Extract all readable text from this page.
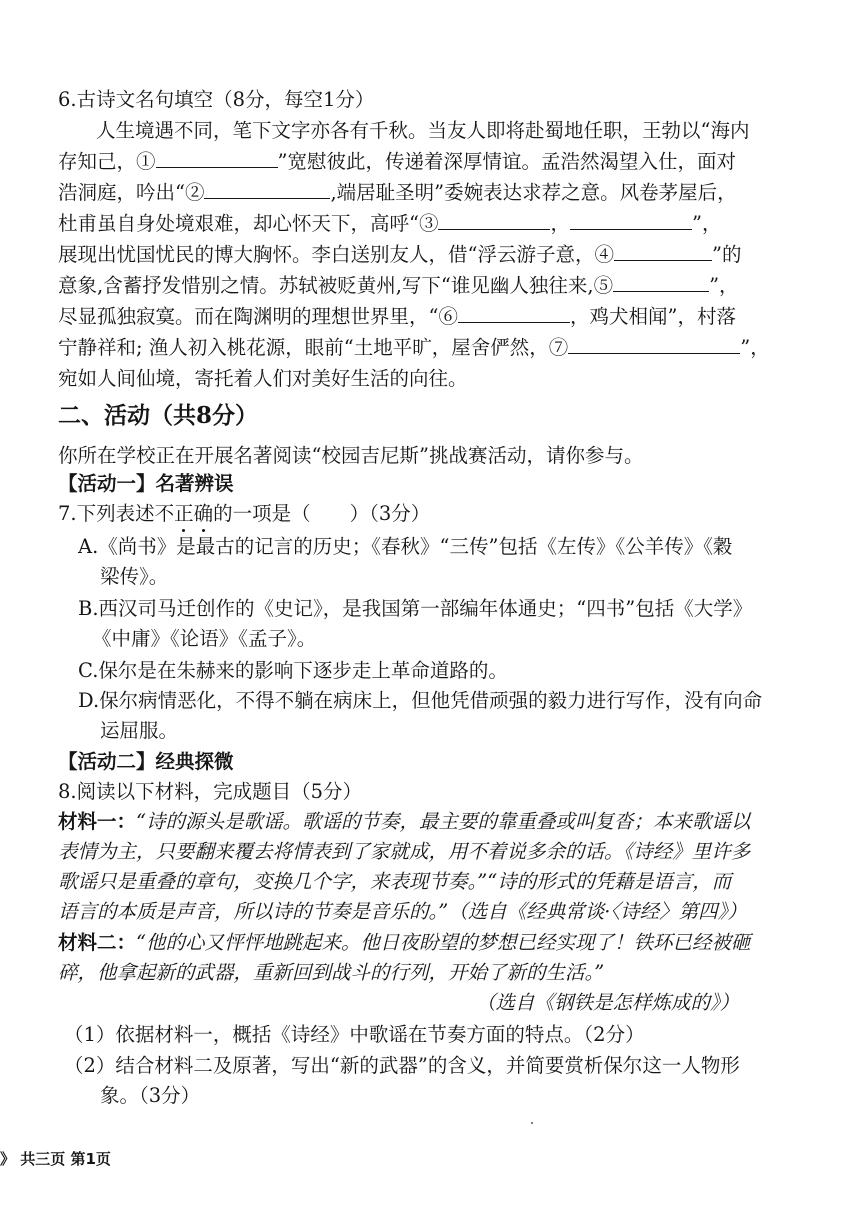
6.古诗文名句填空（8分，每空1分）
人生境遇不同，笔下文字亦各有千秋。当友人即将赴蜀地任职，王勃以“海内
存知己，①	”宽慰彼此，传递着深厚情谊。孟浩然渴望入仕，面对
浩洞庭，吟出“②	,端居耻圣明”委婉表达求荐之意。风卷茅屋后，
杜甫虽自身处境艰难，却心怀天下，高呼“③	，	”，
展现出忧国忧民的博大胸怀。李白送别友人，借“浮云游子意，④	”的
意象,含蓄抒发惜别之情。苏轼被贬黄州,写下“谁见幽人独往来,⑤	”，
尽显孤独寂寞。而在陶渊明的理想世界里，“⑥	，鸡犬相闻”，村落
宁静祥和; 渔人初入桃花源，眼前“土地平旷，屋舍俨然，⑦	”，
宛如人间仙境，寄托着人们对美好生活的向往。
二、活动（共8分）
你所在学校正在开展名著阅读“校园吉尼斯”挑战赛活动，请你参与。
【活动一】名著辨误
7.下列表述不正确的一项是（　　）（3分）
A.《尚书》是最古的记言的历史；《春秋》“三传”包括《左传》《公羊传》《穀
梁传》。
B.西汉司马迁创作的《史记》，是我国第一部编年体通史；“四书”包括《大学》
《中庸》《论语》《孟子》。
C.保尔是在朱赫来的影响下逐步走上革命道路的。
D.保尔病情恶化，不得不躺在病床上，但他凭借顽强的毅力进行写作，没有向命
运屈服。
【活动二】经典探微
8.阅读以下材料，完成题目（5分）
材料一：“诗的源头是歌谣。歌谣的节奏，最主要的靠重叠或叫复沓；本来歌谣以
表情为主，只要翻来覆去将情表到了家就成，用不着说多余的话。《诗经》里许多
歌谣只是重叠的章句，变换几个字，来表现节奏。”“诗的形式的凭藉是语言，而
语言的本质是声音，所以诗的节奏是音乐的。”（选自《经典常谈·〈诗经〉第四》）
材料二：“他的心又怦怦地跳起来。他日夜盼望的梦想已经实现了！铁环已经被砸
碎，他拿起新的武器，重新回到战斗的行列，开始了新的生活。”
（选自《钢铁是怎样炼成的》）
（1）依据材料一，概括《诗经》中歌谣在节奏方面的特点。（2分）
（2）结合材料二及原著，写出“新的武器”的含义，并简要赏析保尔这一人物形
象。（3分）
》 共三页 第1页
